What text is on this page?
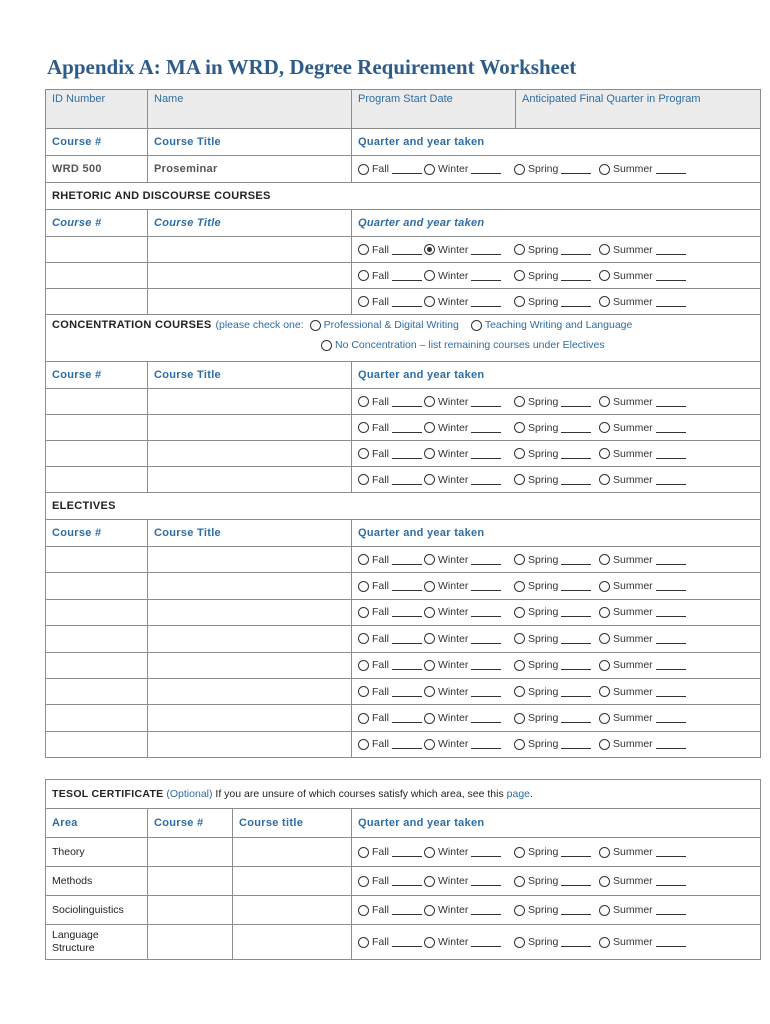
Appendix A: MA in WRD, Degree Requirement Worksheet
ID Number	Name	Program Start Date	Anticipated Final Quarter in Program
Course #	Course Title	Quarter and year taken	
WRD 500	Proseminar	Fall Winter Spring Summer	

RHETORIC AND DISCOURSE COURSES			
Course #	Course Title	Quarter and year taken	

		Fall Winter Spring Summer	

		Fall Winter Spring Summer	

		Fall Winter Spring Summer	

CONCENTRATION COURSES (please check one: Professional & Digital Writing Teaching Writing and Language
No Concentration – list remaining courses under Electives			

Course #	Course Title	Quarter and year taken	

		Fall Winter Spring Summer	

		Fall Winter Spring Summer	

		Fall Winter Spring Summer	

		Fall Winter Spring Summer	

ELECTIVES			
Course #	Course Title	Quarter and year taken	

		Fall Winter Spring Summer	

		Fall Winter Spring Summer	

		Fall Winter Spring Summer	

		Fall Winter Spring Summer	

		Fall Winter Spring Summer	

		Fall Winter Spring Summer	

		Fall Winter Spring Summer	

		Fall Winter Spring Summer	
TESOL CERTIFICATE (Optional) If you are unsure of which courses satisfy which area, see this page.			
Area	Course #	Course title	Quarter and year taken
Theory			Fall Winter Spring Summer

Methods			Fall Winter Spring Summer

Sociolinguistics			Fall Winter Spring Summer

Language Structure			Fall Winter Spring Summer
